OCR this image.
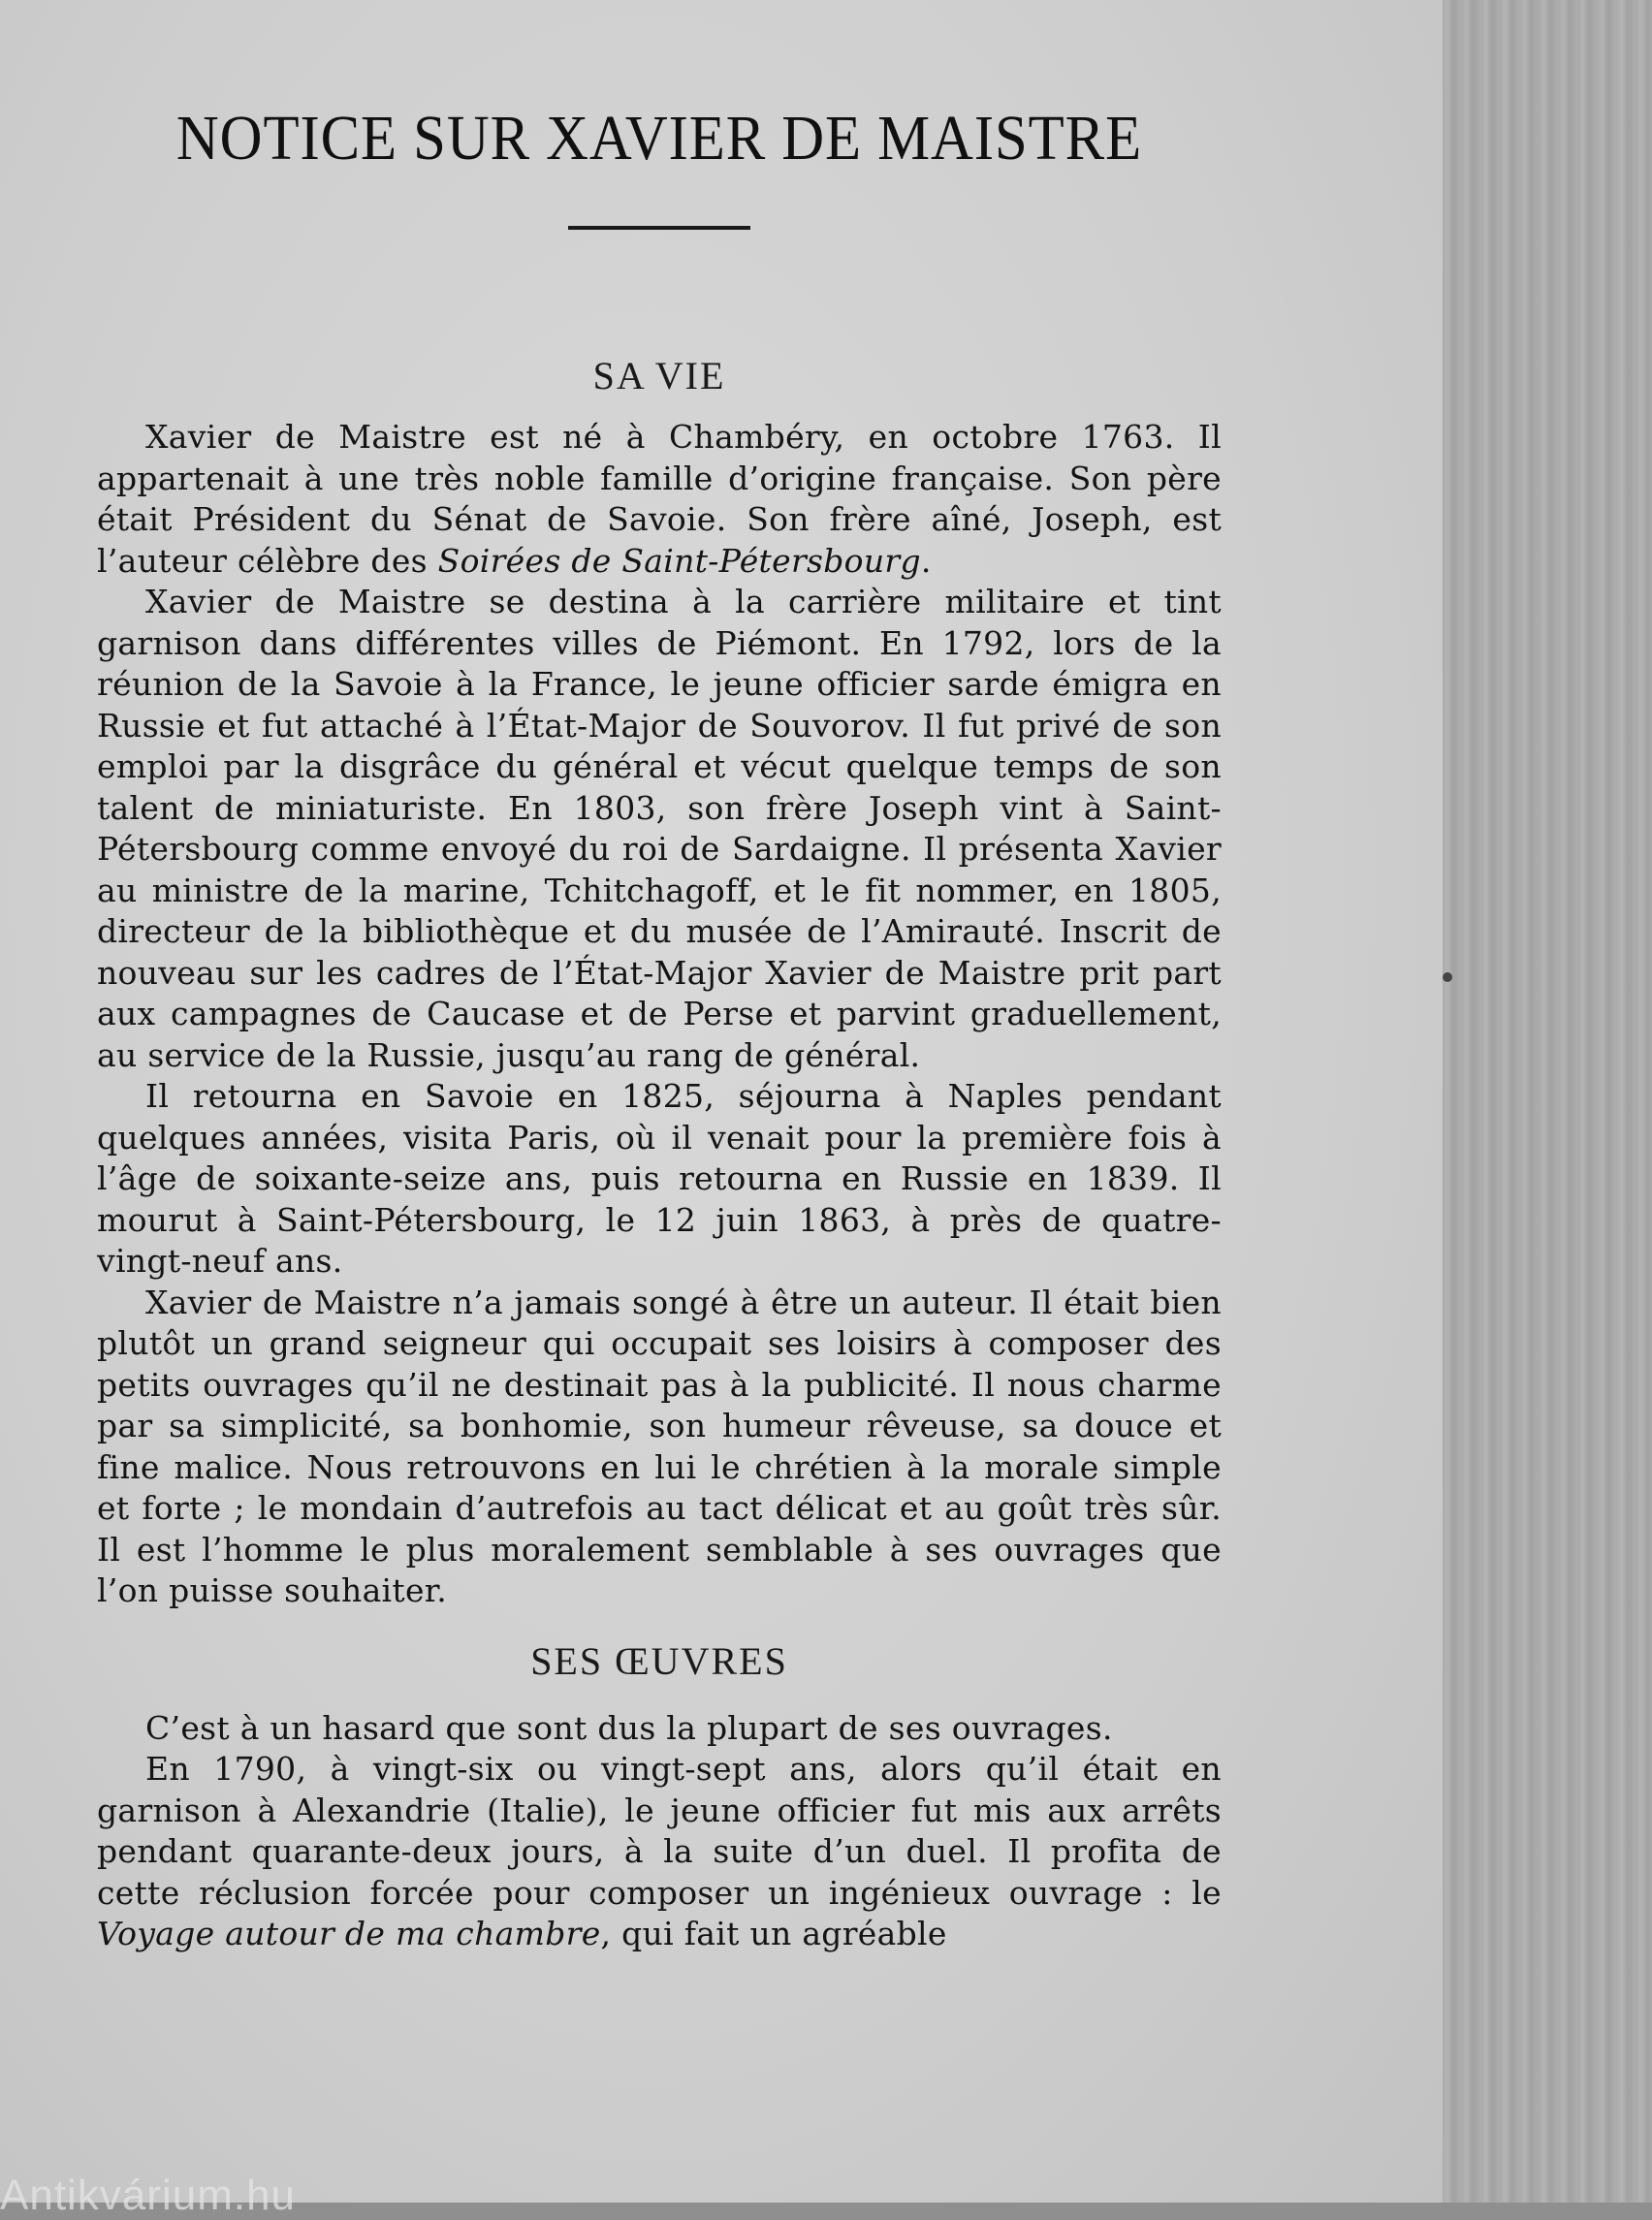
NOTICE SUR XAVIER DE MAISTRE
SA VIE

Xavier de Maistre est né à Chambéry, en octobre 1763. Il appartenait à une très noble famille d’origine française. Son père était Président du Sénat de Savoie. Son frère aîné, Joseph, est l’auteur célèbre des Soirées de Saint-Pétersbourg.

Xavier de Maistre se destina à la carrière militaire et tint garnison dans différentes villes de Piémont. En 1792, lors de la réunion de la Savoie à la France, le jeune officier sarde émigra en Russie et fut attaché à l’État-Major de Souvorov. Il fut privé de son emploi par la disgrâce du général et vécut quelque temps de son talent de miniaturiste. En 1803, son frère Joseph vint à Saint-Pétersbourg comme envoyé du roi de Sardaigne. Il présenta Xavier au ministre de la marine, Tchitchagoff, et le fit nommer, en 1805, directeur de la bibliothèque et du musée de l’Amirauté. Inscrit de nouveau sur les cadres de l’État-Major Xavier de Maistre prit part aux campagnes de Caucase et de Perse et parvint graduellement, au service de la Russie, jusqu’au rang de général.

Il retourna en Savoie en 1825, séjourna à Naples pendant quelques années, visita Paris, où il venait pour la première fois à l’âge de soixante-seize ans, puis retourna en Russie en 1839. Il mourut à Saint-Pétersbourg, le 12 juin 1863, à près de quatre-vingt-neuf ans.

Xavier de Maistre n’a jamais songé à être un auteur. Il était bien plutôt un grand seigneur qui occupait ses loisirs à composer des petits ouvrages qu’il ne destinait pas à la publicité. Il nous charme par sa simplicité, sa bonhomie, son humeur rêveuse, sa douce et fine malice. Nous retrouvons en lui le chrétien à la morale simple et forte ; le mondain d’autrefois au tact délicat et au goût très sûr. Il est l’homme le plus moralement semblable à ses ouvrages que l’on puisse souhaiter.

SES ŒUVRES

C’est à un hasard que sont dus la plupart de ses ouvrages.

En 1790, à vingt-six ou vingt-sept ans, alors qu’il était en garnison à Alexandrie (Italie), le jeune officier fut mis aux arrêts pendant quarante-deux jours, à la suite d’un duel. Il profita de cette réclusion forcée pour composer un ingénieux ouvrage : le Voyage autour de ma chambre, qui fait un agréable

Antikvárium.hu
